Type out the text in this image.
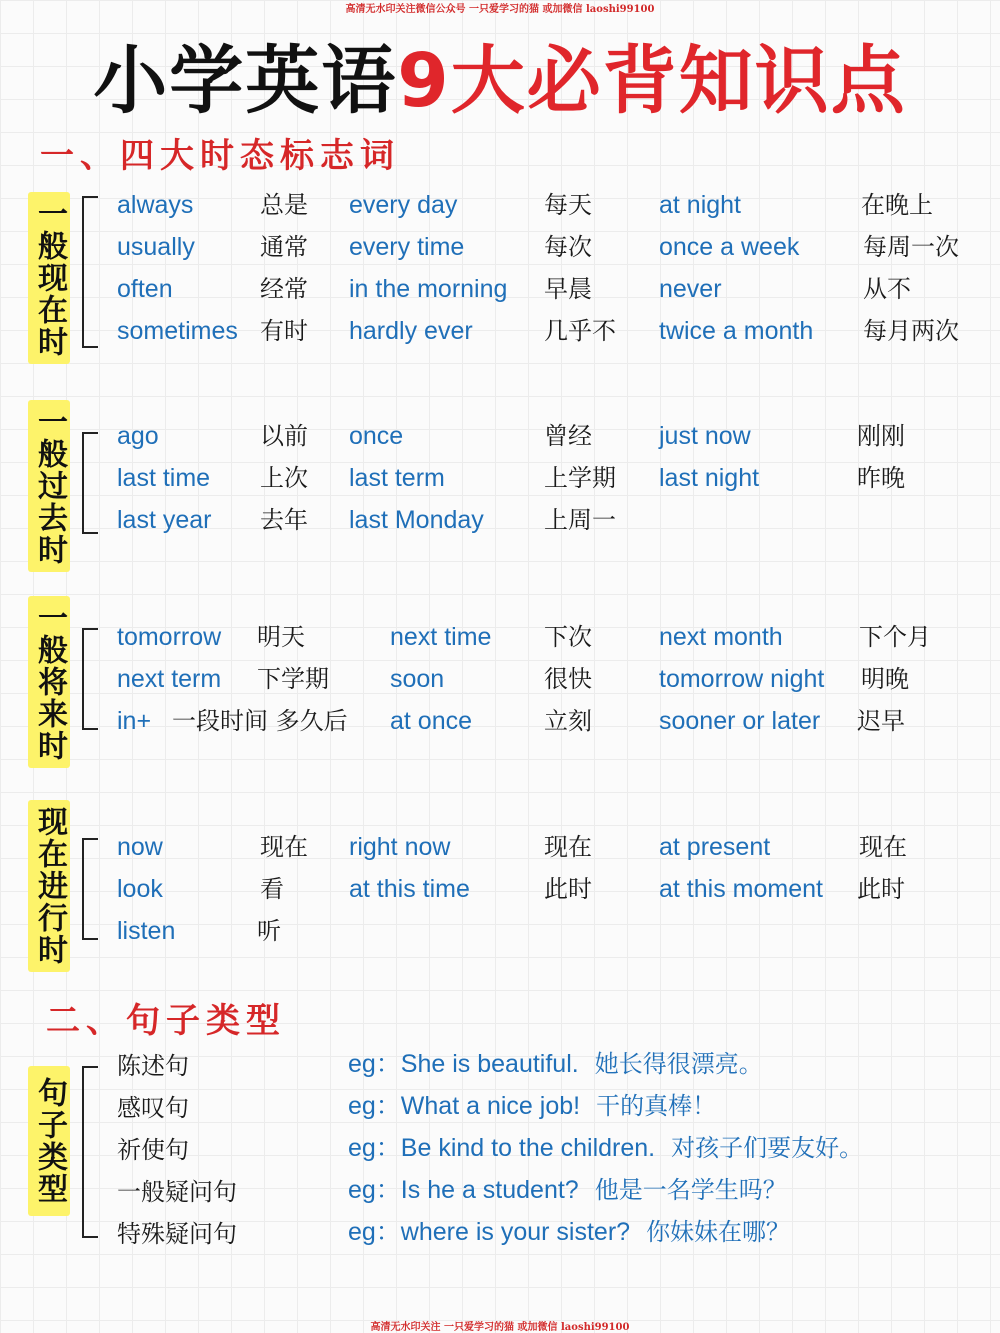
高清无水印关注微信公众号 一只爱学习的猫 或加微信 laoshi99100
小学英语9大必背知识点
一、四大时态标志词
一般现在时 always	总是 every day	每天	at night	在晚上
usually	通常 every time	每次	once a week	每周一次
often	经常 in the morning 早晨	never	从不
sometimes 有时 hardly ever	几乎不 twice a month 每月两次
一般过去时 ago	以前 once	曾经	just now	刚刚
last time 上次 last term	上学期 last night	昨晚
last year 去年 last Monday	上周一
一般将来时 tomorrow 明天	next time 下次	next month	下个月
next term 下学期 soon	很快	tomorrow night 明晚
in+ 一段时间 多久后 at once	立刻	sooner or later 迟早
现在进行时 now	现在 right now	现在	at present	现在
look	看	at this time	此时	at this moment 此时
listen	听
二、句子类型
句子类型
陈述句	eg：She is beautiful. 她长得很漂亮。
感叹句	eg：What a nice job! 干的真棒！
祈使句	eg：Be kind to the children. 对孩子们要友好。
一般疑问句	eg：Is he a student? 他是一名学生吗？
特殊疑问句	eg：where is your sister? 你妹妹在哪？
高清无水印关注 一只爱学习的猫 或加微信 laoshi99100
